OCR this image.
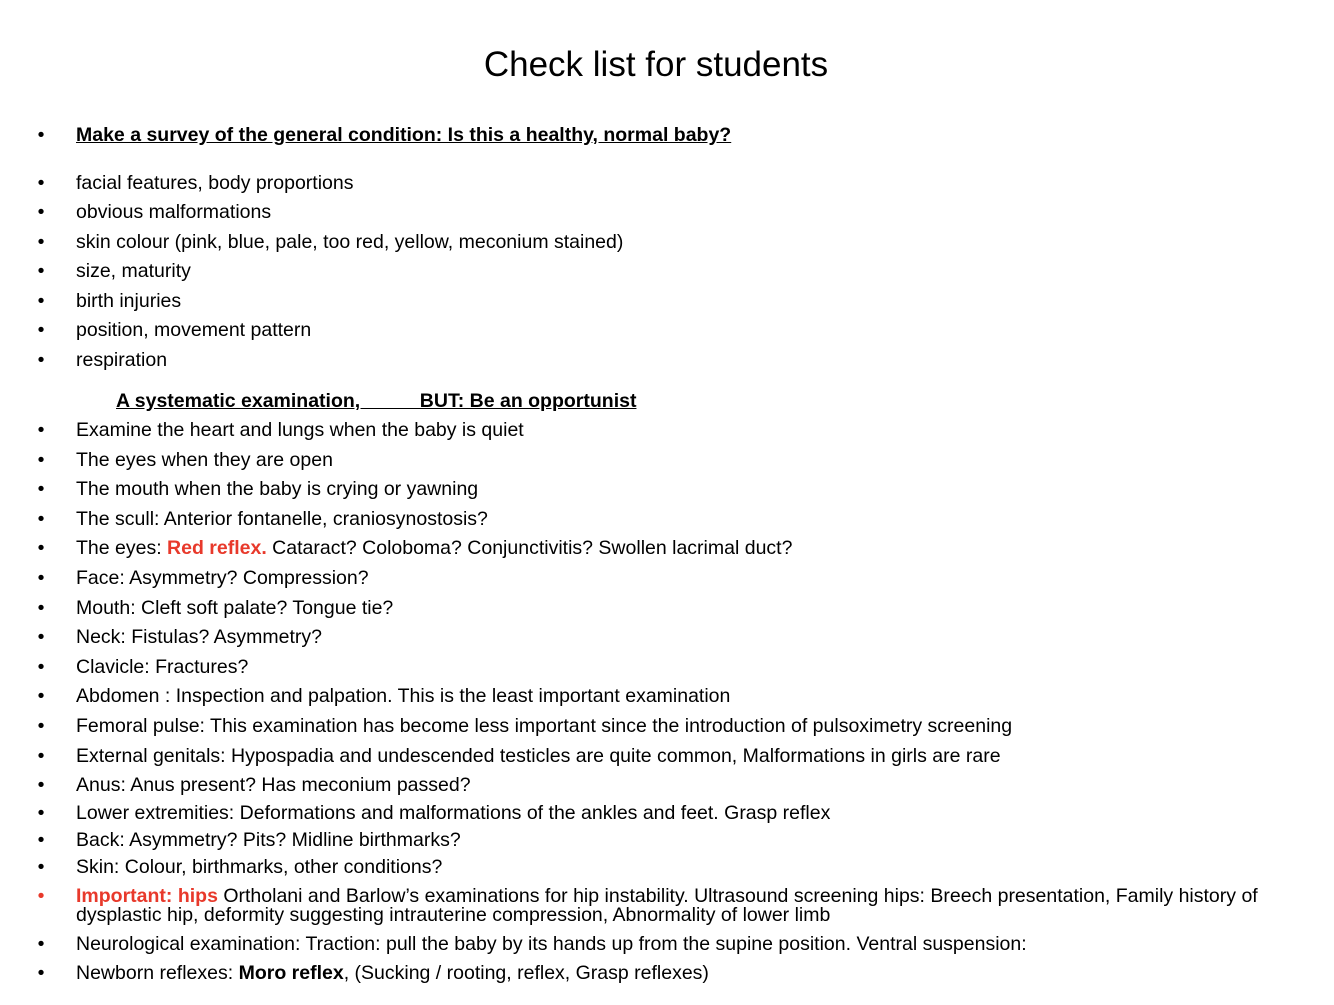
Check list for students
• Make a survey of the general condition: Is this a healthy, normal baby?
• facial features, body proportions
• obvious malformations
• skin colour (pink, blue, pale, too red, yellow, meconium stained)
• size, maturity
• birth injuries
• position, movement pattern
• respiration
A systematic examination,           BUT: Be an opportunist
• Examine the heart and lungs when the baby is quiet
• The eyes when they are open
• The mouth when the baby is crying or yawning
• The scull: Anterior fontanelle, craniosynostosis?
• The eyes: Red reflex. Cataract? Coloboma? Conjunctivitis? Swollen lacrimal duct?
• Face: Asymmetry? Compression?
• Mouth: Cleft soft palate? Tongue tie?
• Neck: Fistulas? Asymmetry?
• Clavicle: Fractures?
• Abdomen : Inspection and palpation. This is the least important examination
• Femoral pulse: This examination has become less important since the introduction of pulsoximetry screening
• External genitals: Hypospadia and undescended testicles are quite common, Malformations in girls are rare
• Anus: Anus present? Has meconium passed?
• Lower extremities: Deformations and malformations of the ankles and feet. Grasp reflex
• Back: Asymmetry? Pits? Midline birthmarks?
• Skin: Colour, birthmarks, other conditions?
• Important: hips Ortholani and Barlow’s examinations for hip instability. Ultrasound screening hips: Breech presentation, Family history of
dysplastic hip, deformity suggesting intrauterine compression, Abnormality of lower limb
• Neurological examination: Traction: pull the baby by its hands up from the supine position. Ventral suspension:
• Newborn reflexes: Moro reflex, (Sucking / rooting, reflex, Grasp reflexes)
